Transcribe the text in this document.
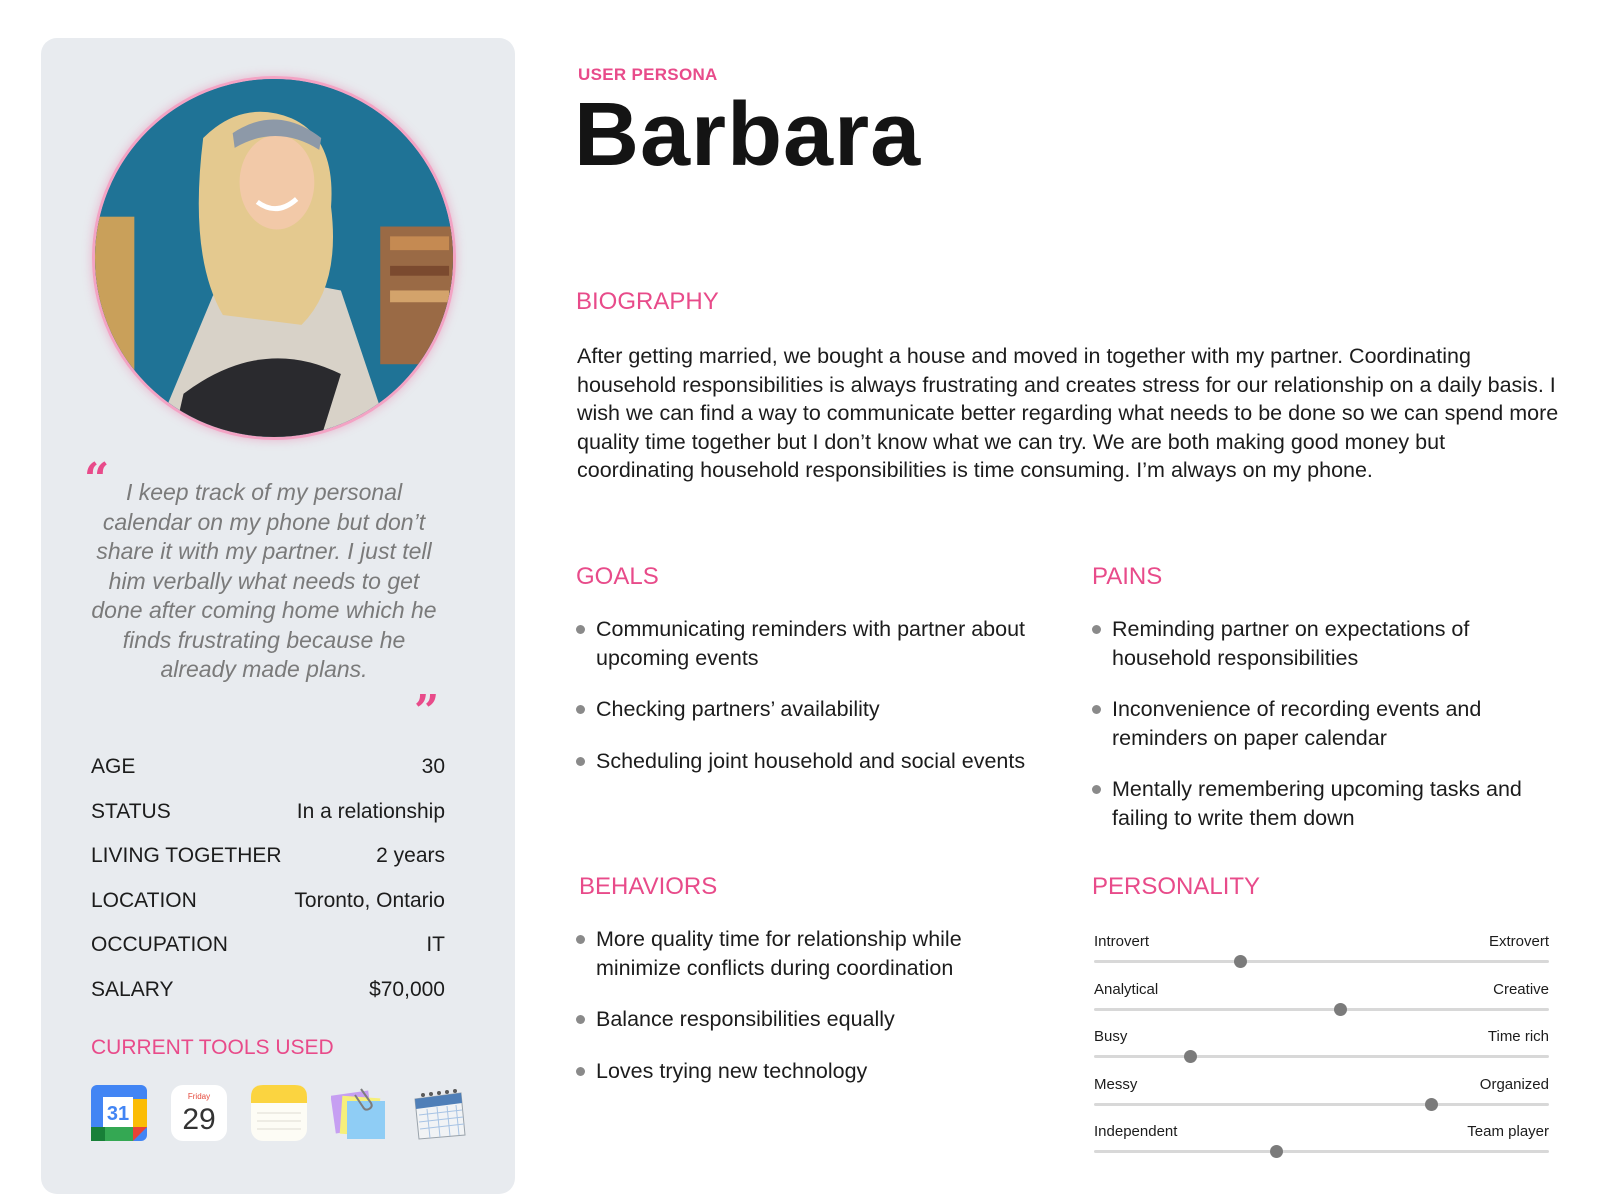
“ I keep track of my personal calendar on my phone but don’t share it with my partner. I just tell him verbally what needs to get done after coming home which he finds frustrating because he already made plans.
”
AGE	30
STATUS	In a relationship
LIVING TOGETHER	2 years
LOCATION	Toronto, Ontario
OCCUPATION	IT
SALARY	$70,000
CURRENT TOOLS USED
31
Friday
29
USER PERSONA
Barbara
BIOGRAPHY
After getting married, we bought a house and moved in together with my partner. Coordinating household responsibilities is always frustrating and creates stress for our relationship on a daily basis. I wish we can find a way to communicate better regarding what needs to be done so we can spend more quality time together but I don’t know what we can try. We are both making good money but coordinating household responsibilities is time consuming. I’m always on my phone.
GOALS
Communicating reminders with partner about upcoming events
Checking partners’ availability
Scheduling joint household and social events
PAINS
Reminding partner on expectations of household responsibilities
Inconvenience of recording events and reminders on paper calendar
Mentally remembering upcoming tasks and failing to write them down
BEHAVIORS
More quality time for relationship while minimize conflicts during coordination
Balance responsibilities equally
Loves trying new technology
PERSONALITY
Introvert	Extrovert
Analytical	Creative
Busy	Time rich
Messy	Organized
Independent	Team player
